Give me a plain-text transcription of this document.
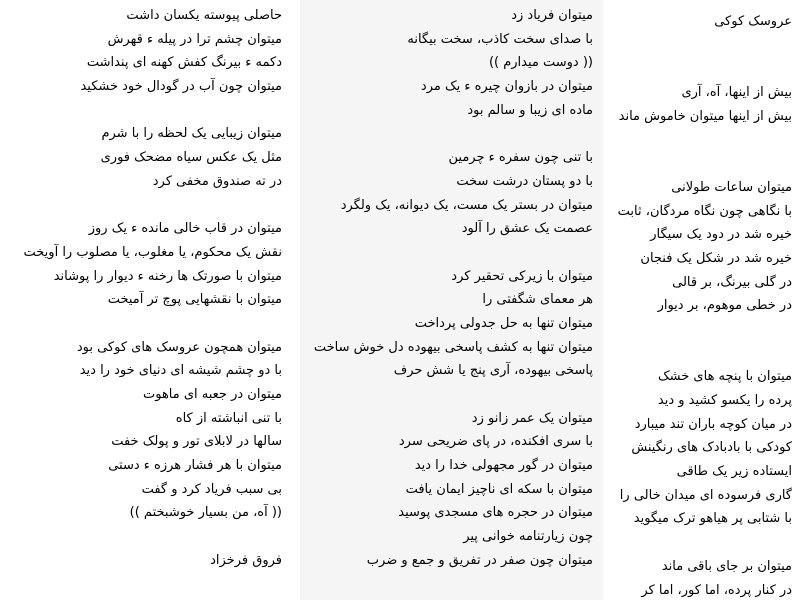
عروسک کوکی
بیش از اینها، آه، آری
بیش از اینها میتوان خاموش ماند
میتوان ساعات طولانی
با نگاهی چون نگاه مردگان، ثابت
خیره شد در دود یک سیگار
خیره شد در شکل یک فنجان
در گلی بیرنگ، بر قالی
در خطی موهوم، بر دیوار
میتوان با پنچه های خشک
پرده را یکسو کشید و دید
در میان کوچه باران تند میبارد
کودکی با بادبادک های رنگینش
ایستاده زیر یک طاقی
گاری فرسوده ای میدان خالی را
با شتابی پر هیاهو ترک میگوید
میتوان بر جای باقی ماند
در کنار پرده، اما کور، اما کر
میتوان فریاد زد
با صدای سخت کاذب، سخت بیگانه
(( دوست میدارم ))
میتوان در بازوان چیره ء یک مرد
ماده ای زیبا و سالم بود
با تنی چون سفره ء چرمین
با دو پستان درشت سخت
میتوان در بستر یک مست، یک دیوانه، یک ولگرد
عصمت یک عشق را آلود
میتوان با زیرکی تحقیر کرد
هر معمای شگفتی را
میتوان تنها به حل جدولی پرداخت
میتوان تنها به کشف پاسخی بیهوده دل خوش ساخت
پاسخی بیهوده، آری پنج یا شش حرف
میتوان یک عمر زانو زد
با سری افکنده، در پای ضریحی سرد
میتوان در گور مجهولی خدا را دید
میتوان با سکه ای ناچیز ایمان یافت
میتوان در حجره های مسجدی پوسید
چون زیارتنامه خوانی پیر
میتوان چون صفر در تفریق و جمع و ضرب
حاصلی پیوسته یکسان داشت
میتوان چشم ترا در پیله ء قهرش
دکمه ء بیرنگ کفش کهنه ای پنداشت
میتوان چون آب در گودال خود خشکید
میتوان زیبایی یک لحظه را با شرم
مثل یک عکس سیاه مضحک فوری
در ته صندوق مخفی کرد
میتوان در قاب خالی مانده ء یک روز
نقش یک محکوم، یا مغلوب، یا مصلوب را آویخت
میتوان با صورتک ها رخنه ء دیوار را پوشاند
میتوان با نقشهایی پوچ تر آمیخت
میتوان همچون عروسک های کوکی بود
با دو چشم شیشه ای دنیای خود را دید
میتوان در جعبه ای ماهوت
با تنی انباشته از کاه
سالها در لابلای تور و پولک خفت
میتوان با هر فشار هرزه ء دستی
بی سبب فریاد کرد و گفت
(( آه، من بسیار خوشبختم ))
فروق فرخزاد
